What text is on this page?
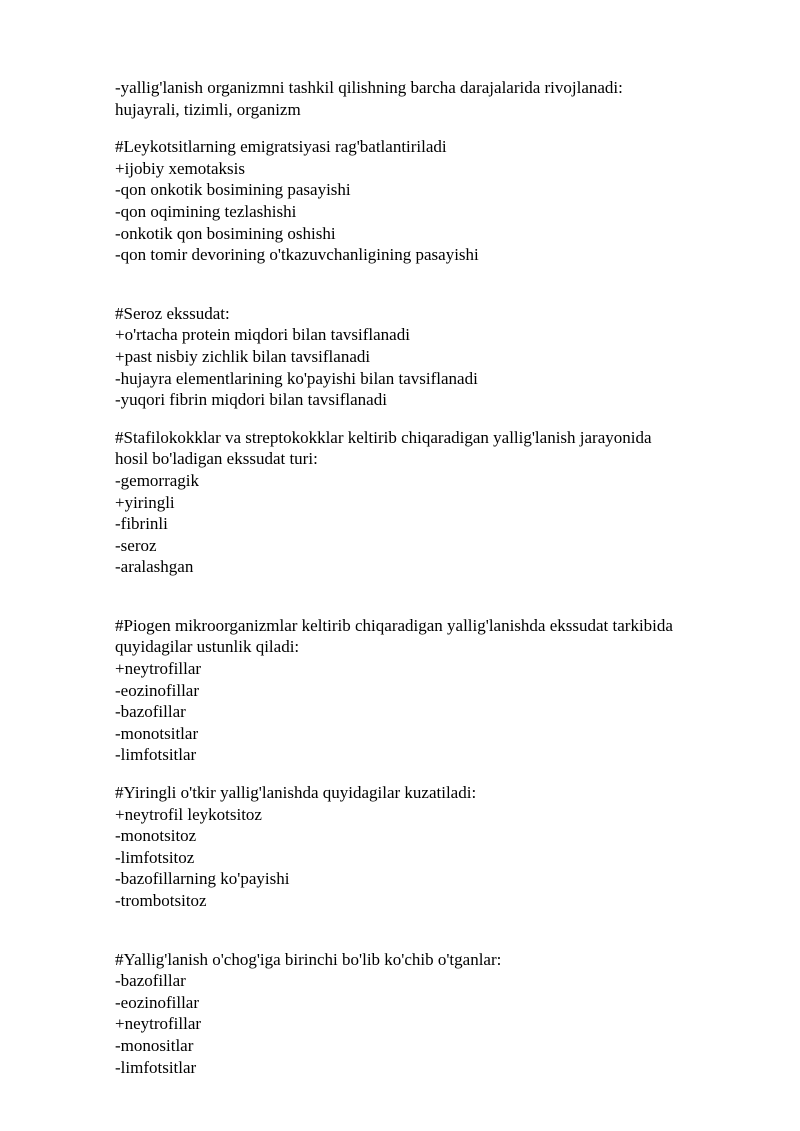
-yallig'lanish organizmni tashkil qilishning barcha darajalarida rivojlanadi:

hujayrali, tizimli, organizm

#Leykotsitlarning emigratsiyasi rag'batlantiriladi

+ijobiy xemotaksis

-qon onkotik bosimining pasayishi

-qon oqimining tezlashishi

-onkotik qon bosimining oshishi

-qon tomir devorining o'tkazuvchanligining pasayishi

#Seroz ekssudat:

+o'rtacha protein miqdori bilan tavsiflanadi

+past nisbiy zichlik bilan tavsiflanadi

-hujayra elementlarining ko'payishi bilan tavsiflanadi

-yuqori fibrin miqdori bilan tavsiflanadi

#Stafilokokklar va streptokokklar keltirib chiqaradigan yallig'lanish jarayonida

hosil bo'ladigan ekssudat turi:

-gemorragik

+yiringli

-fibrinli

-seroz

-aralashgan

#Piogen mikroorganizmlar keltirib chiqaradigan yallig'lanishda ekssudat tarkibida

quyidagilar ustunlik qiladi:

+neytrofillar

-eozinofillar

-bazofillar

-monotsitlar

-limfotsitlar

#Yiringli o'tkir yallig'lanishda quyidagilar kuzatiladi:

+neytrofil leykotsitoz

-monotsitoz

-limfotsitoz

-bazofillarning ko'payishi

-trombotsitoz

#Yallig'lanish o'chog'iga birinchi bo'lib ko'chib o'tganlar:

-bazofillar

-eozinofillar

+neytrofillar

-monositlar

-limfotsitlar
